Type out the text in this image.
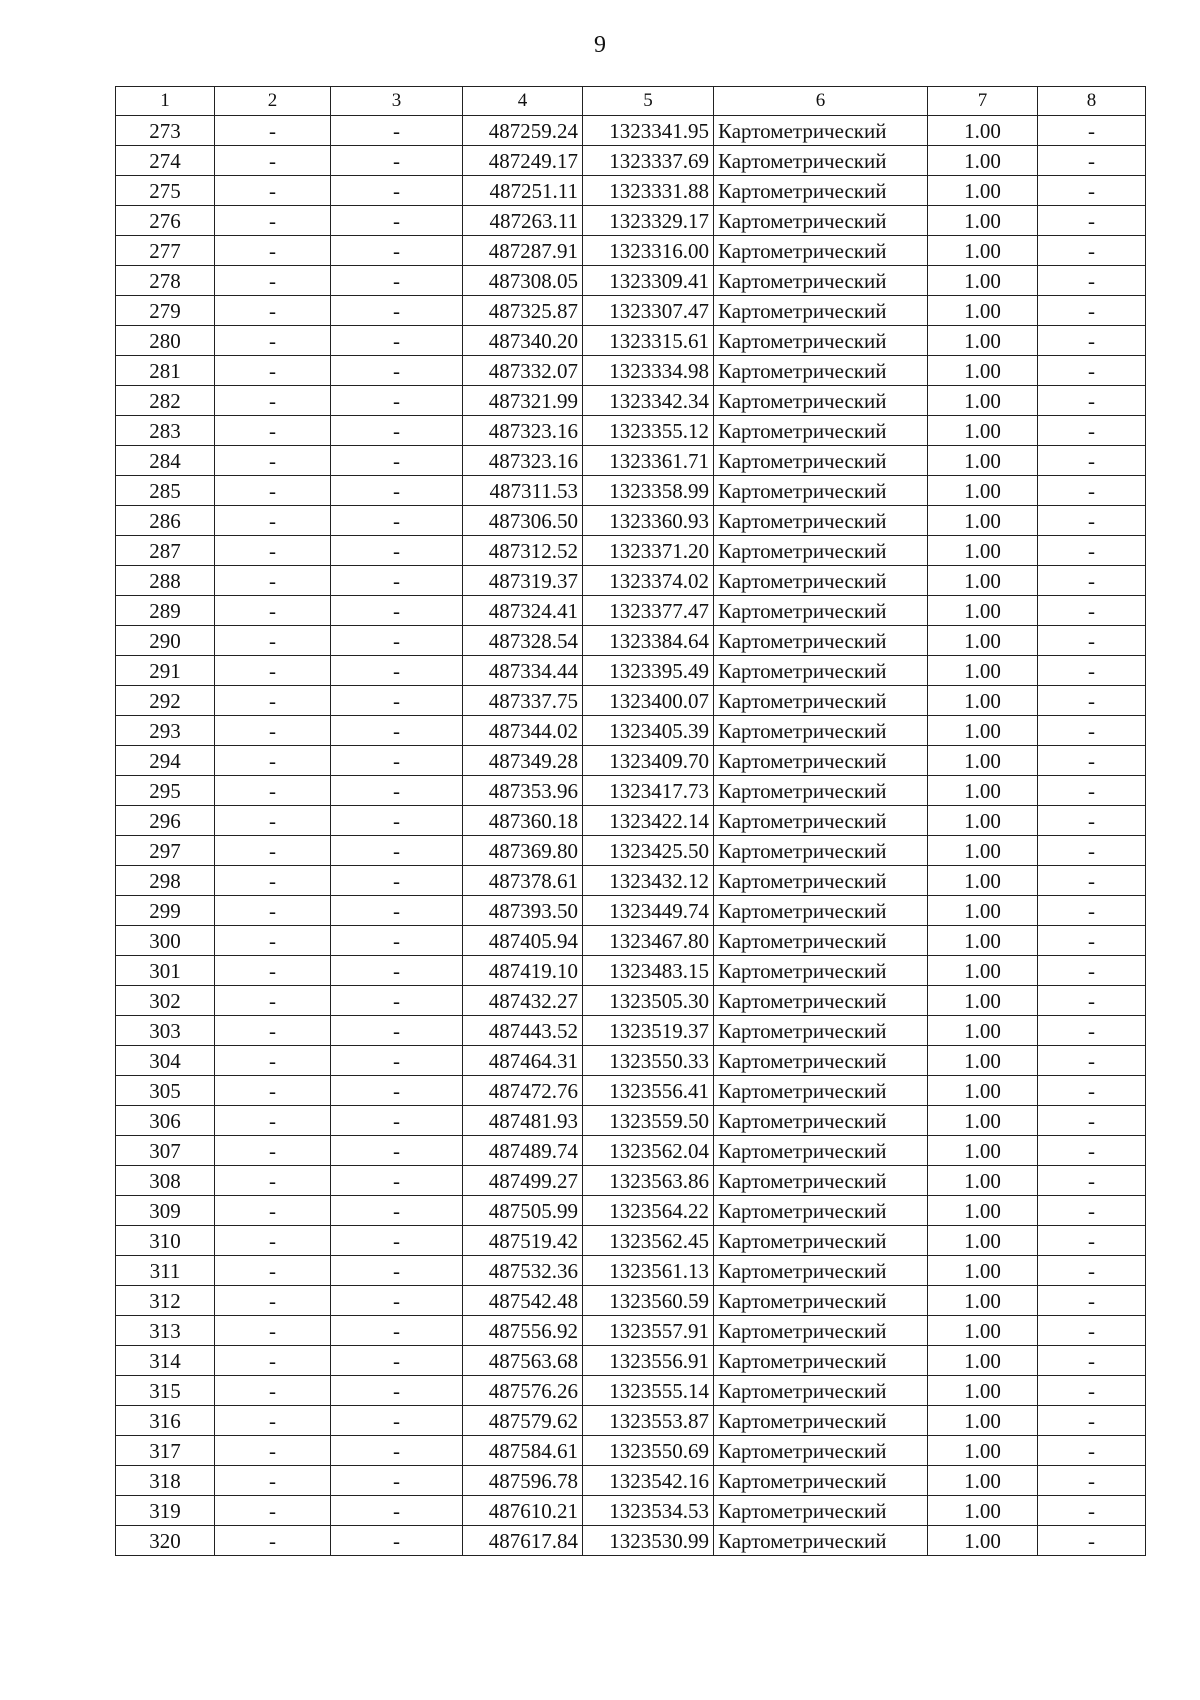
9
1	2	3	4	5	6	7	8
273	-	-	487259.24	1323341.95	Картометрический	1.00	-
274	-	-	487249.17	1323337.69	Картометрический	1.00	-
275	-	-	487251.11	1323331.88	Картометрический	1.00	-
276	-	-	487263.11	1323329.17	Картометрический	1.00	-
277	-	-	487287.91	1323316.00	Картометрический	1.00	-
278	-	-	487308.05	1323309.41	Картометрический	1.00	-
279	-	-	487325.87	1323307.47	Картометрический	1.00	-
280	-	-	487340.20	1323315.61	Картометрический	1.00	-
281	-	-	487332.07	1323334.98	Картометрический	1.00	-
282	-	-	487321.99	1323342.34	Картометрический	1.00	-
283	-	-	487323.16	1323355.12	Картометрический	1.00	-
284	-	-	487323.16	1323361.71	Картометрический	1.00	-
285	-	-	487311.53	1323358.99	Картометрический	1.00	-
286	-	-	487306.50	1323360.93	Картометрический	1.00	-
287	-	-	487312.52	1323371.20	Картометрический	1.00	-
288	-	-	487319.37	1323374.02	Картометрический	1.00	-
289	-	-	487324.41	1323377.47	Картометрический	1.00	-
290	-	-	487328.54	1323384.64	Картометрический	1.00	-
291	-	-	487334.44	1323395.49	Картометрический	1.00	-
292	-	-	487337.75	1323400.07	Картометрический	1.00	-
293	-	-	487344.02	1323405.39	Картометрический	1.00	-
294	-	-	487349.28	1323409.70	Картометрический	1.00	-
295	-	-	487353.96	1323417.73	Картометрический	1.00	-
296	-	-	487360.18	1323422.14	Картометрический	1.00	-
297	-	-	487369.80	1323425.50	Картометрический	1.00	-
298	-	-	487378.61	1323432.12	Картометрический	1.00	-
299	-	-	487393.50	1323449.74	Картометрический	1.00	-
300	-	-	487405.94	1323467.80	Картометрический	1.00	-
301	-	-	487419.10	1323483.15	Картометрический	1.00	-
302	-	-	487432.27	1323505.30	Картометрический	1.00	-
303	-	-	487443.52	1323519.37	Картометрический	1.00	-
304	-	-	487464.31	1323550.33	Картометрический	1.00	-
305	-	-	487472.76	1323556.41	Картометрический	1.00	-
306	-	-	487481.93	1323559.50	Картометрический	1.00	-
307	-	-	487489.74	1323562.04	Картометрический	1.00	-
308	-	-	487499.27	1323563.86	Картометрический	1.00	-
309	-	-	487505.99	1323564.22	Картометрический	1.00	-
310	-	-	487519.42	1323562.45	Картометрический	1.00	-
311	-	-	487532.36	1323561.13	Картометрический	1.00	-
312	-	-	487542.48	1323560.59	Картометрический	1.00	-
313	-	-	487556.92	1323557.91	Картометрический	1.00	-
314	-	-	487563.68	1323556.91	Картометрический	1.00	-
315	-	-	487576.26	1323555.14	Картометрический	1.00	-
316	-	-	487579.62	1323553.87	Картометрический	1.00	-
317	-	-	487584.61	1323550.69	Картометрический	1.00	-
318	-	-	487596.78	1323542.16	Картометрический	1.00	-
319	-	-	487610.21	1323534.53	Картометрический	1.00	-
320	-	-	487617.84	1323530.99	Картометрический	1.00	-
